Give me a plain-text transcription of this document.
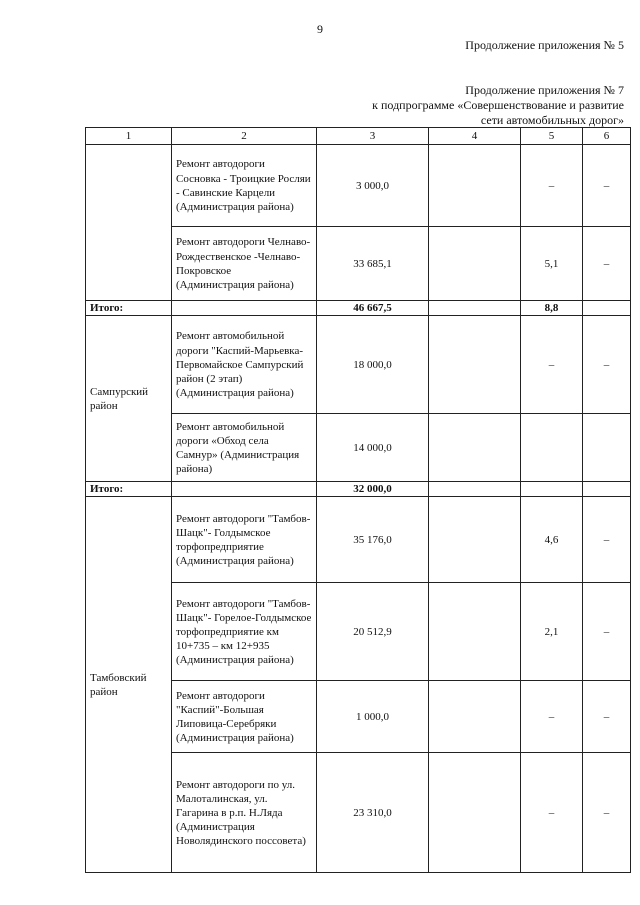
9
Продолжение приложения № 5
Продолжение приложения № 7
к подпрограмме «Совершенствование и развитие
сети автомобильных дорог»
1	2	3	4	5	6
	Ремонт автодороги Сосновка - Троицкие Росляи - Савинские Карцели (Администрация района)	3 000,0		–	–
	Ремонт автодороги Челнаво- Рождественское -Челнаво-Покровское (Администрация района)	33 685,1		5,1	–
Итого:		46 667,5		8,8	
Сампурский район	Ремонт автомобильной дороги "Каспий-Марьевка-Первомайское Сампурский район (2 этап) (Администрация района)	18 000,0		–	–
	Ремонт автомобильной дороги «Обход села Самнур» (Администрация района)	14 000,0			
Итого:		32 000,0			
Тамбовский район	Ремонт автодороги "Тамбов-Шацк"- Голдымское торфопредприятие (Администрация района)	35 176,0		4,6	–
	Ремонт автодороги "Тамбов-Шацк"- Горелое-Голдымское торфопредприятие км 10+735 – км 12+935 (Администрация района)	20 512,9		2,1	–
	Ремонт автодороги "Каспий"-Большая Липовица-Серебряки (Администрация района)	1 000,0		–	–
	Ремонт автодороги по ул. Малоталинская, ул. Гагарина в р.п. Н.Ляда (Администрация Новолядинского поссовета)	23 310,0		–	–
